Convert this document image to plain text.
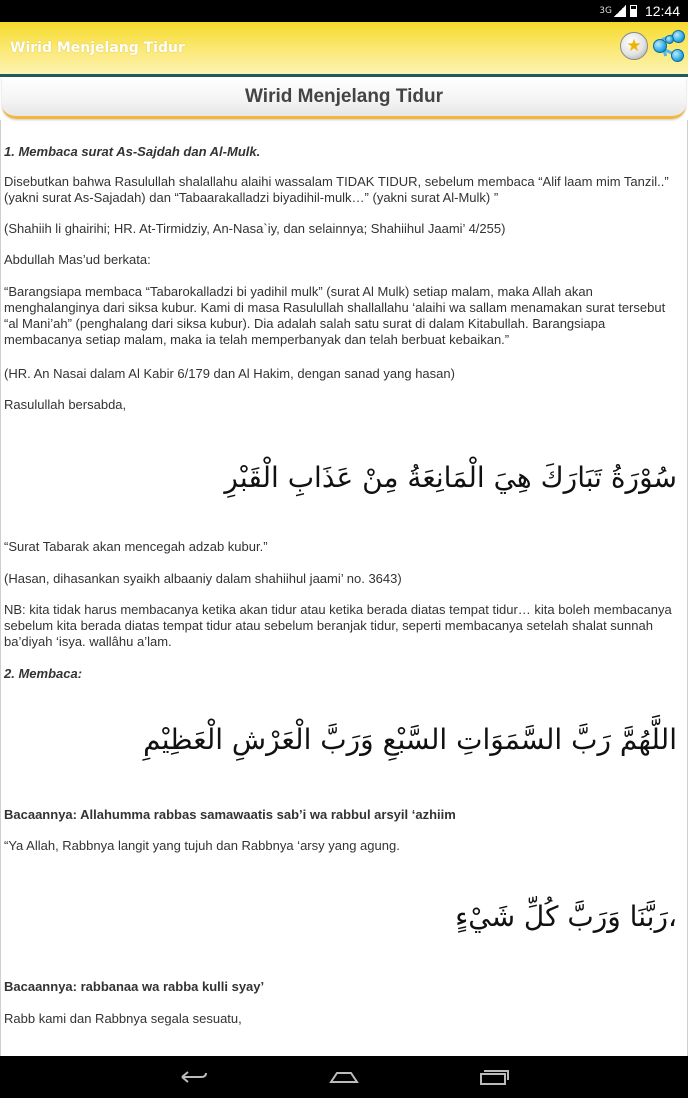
3G 12:44
Wirid Menjelang Tidur	★
Wirid Menjelang Tidur

1. Membaca surat As-Sajdah dan Al-Mulk.

Disebutkan bahwa Rasulullah shalallahu alaihi wassalam TIDAK TIDUR, sebelum membaca “Alif laam mim Tanzil..” (yakni surat As-Sajadah) dan “Tabaarakalladzi biyadihil-mulk…” (yakni surat Al-Mulk) ”

(Shahiih li ghairihi; HR. At-Tirmidziy, An-Nasa`iy, dan selainnya; Shahiihul Jaami’ 4/255)

Abdullah Mas’ud berkata:

“Barangsiapa membaca “Tabarokalladzi bi yadihil mulk” (surat Al Mulk) setiap malam, maka Allah akan menghalanginya dari siksa kubur. Kami di masa Rasulullah shallallahu ‘alaihi wa sallam menamakan surat tersebut “al Mani’ah” (penghalang dari siksa kubur). Dia adalah salah satu surat di dalam Kitabullah. Barangsiapa membacanya setiap malam, maka ia telah memperbanyak dan telah berbuat kebaikan.”

(HR. An Nasai dalam Al Kabir 6/179 dan Al Hakim, dengan sanad yang hasan)

Rasulullah bersabda,

سُوْرَةُ تَبَارَكَ هِيَ الْمَانِعَةُ مِنْ عَذَابِ الْقَبْرِ

“Surat Tabarak akan mencegah adzab kubur.”

(Hasan, dihasankan syaikh albaaniy dalam shahiihul jaami’ no. 3643)

NB: kita tidak harus membacanya ketika akan tidur atau ketika berada diatas tempat tidur… kita boleh membacanya sebelum kita berada diatas tempat tidur atau sebelum beranjak tidur, seperti membacanya setelah shalat sunnah ba’diyah ‘isya. wallâhu a’lam.

2. Membaca:

اللَّهُمَّ رَبَّ السَّمَوَاتِ السَّبْعِ وَرَبَّ الْعَرْشِ الْعَظِيْمِ

Bacaannya: Allahumma rabbas samawaatis sab’i wa rabbul arsyil ‘azhiim

“Ya Allah, Rabbnya langit yang tujuh dan Rabbnya ‘arsy yang agung.

،رَبَّنَا وَرَبَّ كُلِّ شَيْءٍ

Bacaannya: rabbanaa wa rabba kulli syay’

Rabb kami dan Rabbnya segala sesuatu,
